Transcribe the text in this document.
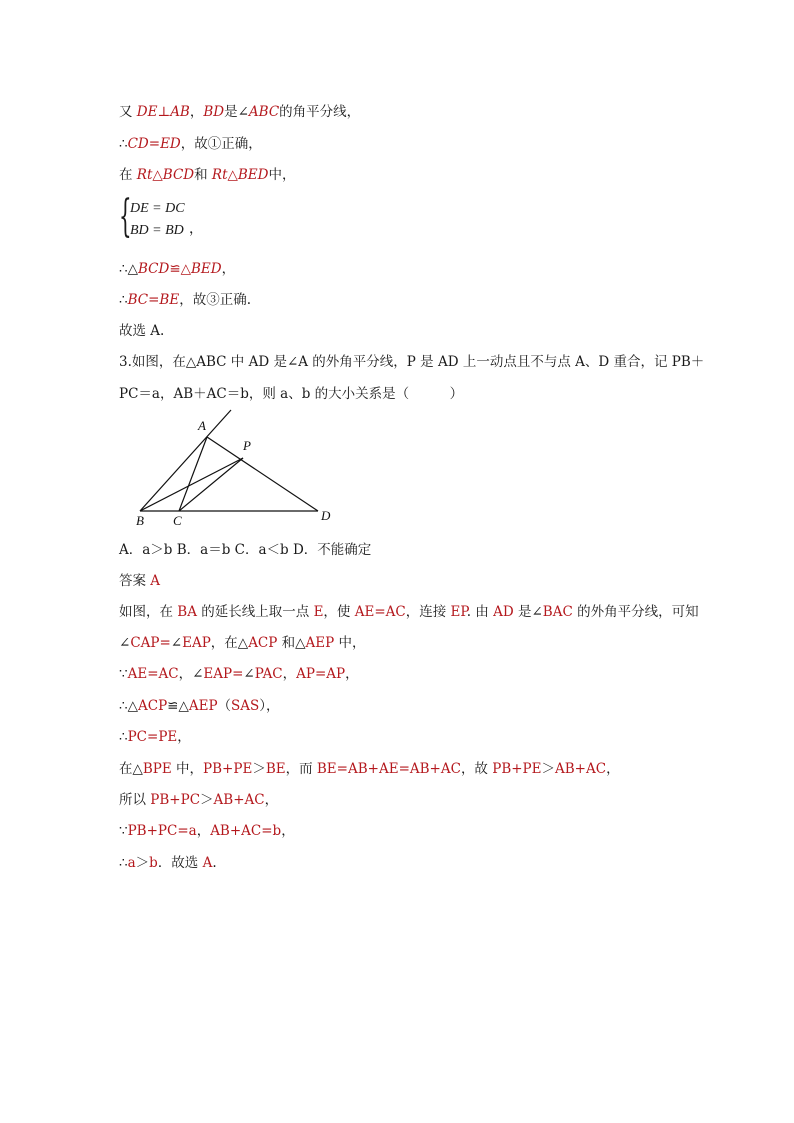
又 DE⊥AB，BD是∠ABC的角平分线，
∴CD=ED，故①正确，
在 Rt△BCD和 Rt△BED中，
{
DE = DC
BD = BD ，
∴△BCD≌△BED，
∴BC=BE，故③正确.
故选 A.
3.如图，在△ABC 中 AD 是∠A 的外角平分线，P 是 AD 上一动点且不与点 A、D 重合，记 PB＋
PC＝a，AB＋AC＝b，则 a、b 的大小关系是（　　　）
A
P
B C	D
A．a＞b B．a＝b C．a＜b D．不能确定
答案 A
如图，在 BA 的延长线上取一点 E，使 AE=AC，连接 EP. 由 AD 是∠BAC 的外角平分线，可知
∠CAP=∠EAP，在△ACP 和△AEP 中，
∵AE=AC，∠EAP=∠PAC，AP=AP，
∴△ACP≌△AEP（SAS），
∴PC=PE，
在△BPE 中，PB+PE＞BE，而 BE=AB+AE=AB+AC，故 PB+PE＞AB+AC，
所以 PB+PC＞AB+AC，
∵PB+PC=a，AB+AC=b，
∴a＞b．故选 A.
